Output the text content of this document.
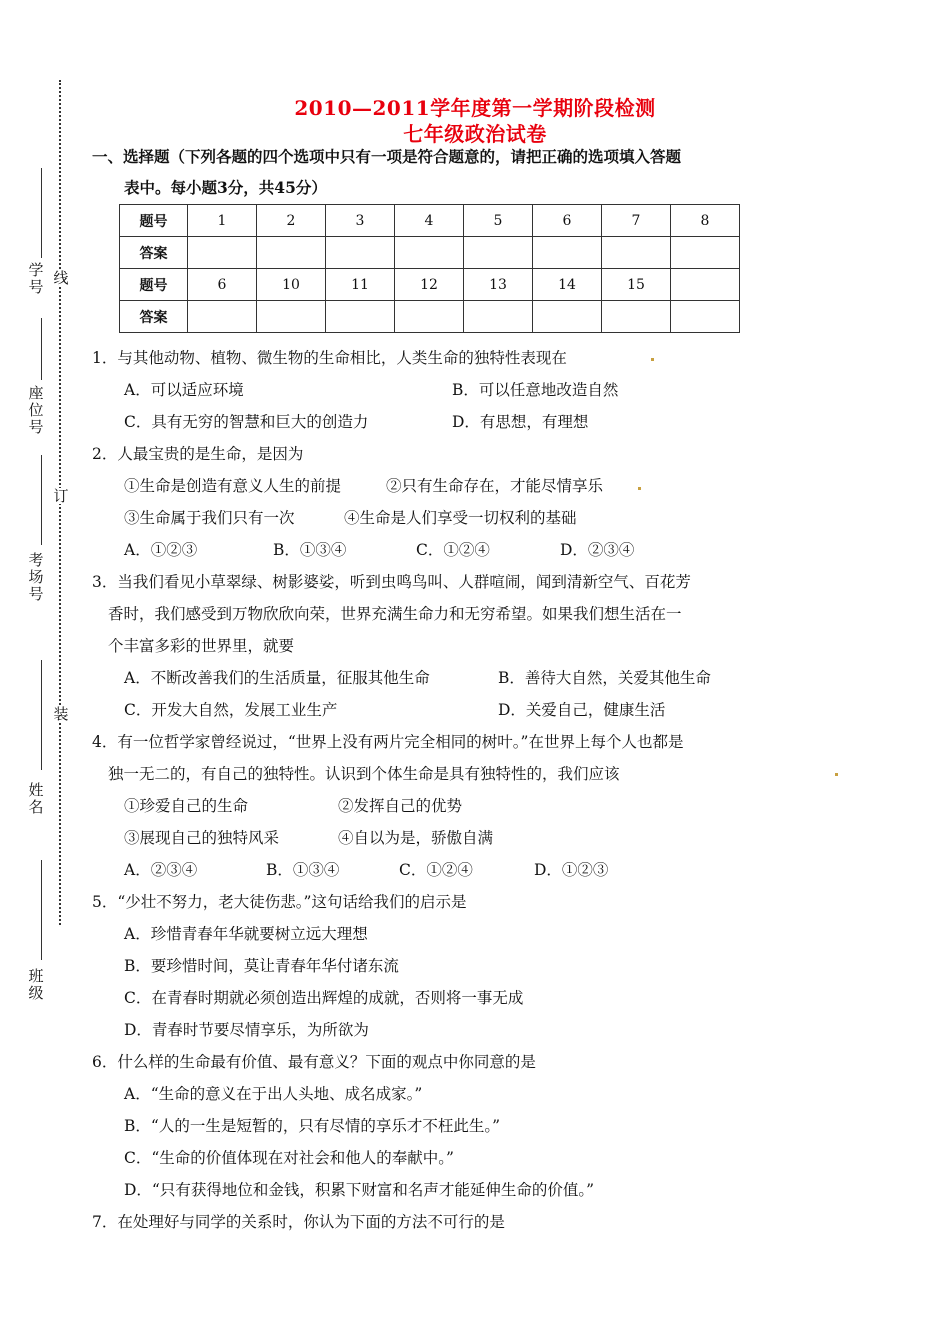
2010—2011学年度第一学期阶段检测
七年级政治试卷
一、选择题（下列各题的四个选项中只有一项是符合题意的，请把正确的选项填入答题
表中。每小题3分，共45分）
题号	1	2	3	4	5	6	7	8
答案								
题号	6	10	11	12	13	14	15	
答案								
学号
座位号
考场号
姓名
班级
线
订
装
1．与其他动物、植物、微生物的生命相比，人类生命的独特性表现在
A．可以适应环境	B．可以任意地改造自然
C．具有无穷的智慧和巨大的创造力	D．有思想，有理想
2．人最宝贵的是生命，是因为
①生命是创造有意义人生的前提	②只有生命存在，才能尽情享乐
③生命属于我们只有一次	④生命是人们享受一切权利的基础
A．①②③	B．①③④	C．①②④	D．②③④
3．当我们看见小草翠绿、树影婆娑，听到虫鸣鸟叫、人群喧闹，闻到清新空气、百花芳
香时，我们感受到万物欣欣向荣，世界充满生命力和无穷希望。如果我们想生活在一
个丰富多彩的世界里，就要
A．不断改善我们的生活质量，征服其他生命	B．善待大自然，关爱其他生命
C．开发大自然，发展工业生产	D．关爱自己，健康生活
4．有一位哲学家曾经说过，“世界上没有两片完全相同的树叶。”在世界上每个人也都是
独一无二的，有自己的独特性。认识到个体生命是具有独特性的，我们应该
①珍爱自己的生命	②发挥自己的优势
③展现自己的独特风采	④自以为是，骄傲自满
A．②③④	B．①③④	C．①②④	D．①②③
5．“少壮不努力，老大徒伤悲。”这句话给我们的启示是
A．珍惜青春年华就要树立远大理想
B．要珍惜时间，莫让青春年华付诸东流
C．在青春时期就必须创造出辉煌的成就，否则将一事无成
D．青春时节要尽情享乐，为所欲为
6．什么样的生命最有价值、最有意义？下面的观点中你同意的是
A．“生命的意义在于出人头地、成名成家。”
B．“人的一生是短暂的，只有尽情的享乐才不枉此生。”
C．“生命的价值体现在对社会和他人的奉献中。”
D．“只有获得地位和金钱，积累下财富和名声才能延伸生命的价值。”
7．在处理好与同学的关系时，你认为下面的方法不可行的是
